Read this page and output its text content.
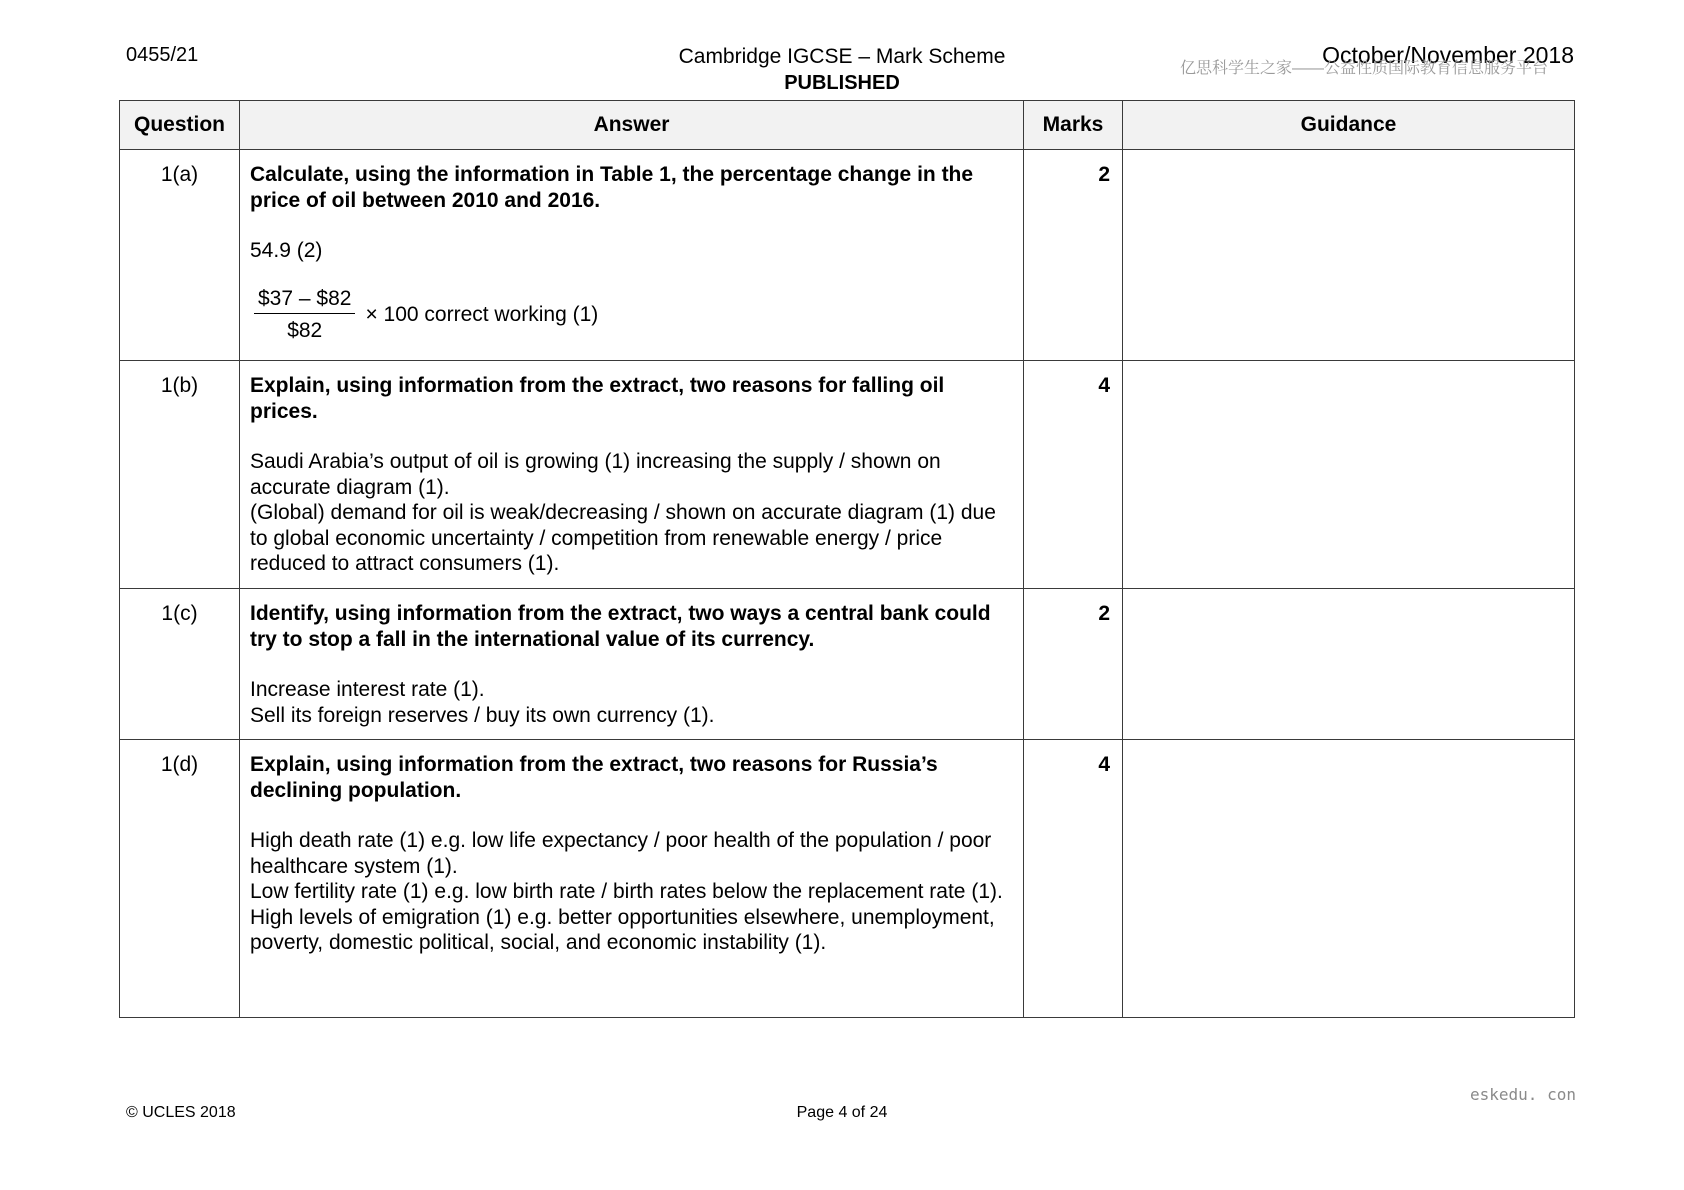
0455/21	Cambridge IGCSE – Mark Scheme
PUBLISHED
October/November 2018
亿思科学生之家——公益性质国际教育信息服务平台
Question	Answer	Marks	Guidance
1(a)	Calculate, using the information in Table 1, the percentage change in the price of oil between 2010 and 2016.
54.9 (2)
$\frac{\$37 - \$82}{\$82} \times 100$ correct working (1)	2	
1(b)	Explain, using information from the extract, two reasons for falling oil prices.
Saudi Arabia’s output of oil is growing (1) increasing the supply / shown on accurate diagram (1).
(Global) demand for oil is weak/decreasing / shown on accurate diagram (1) due to global economic uncertainty / competition from renewable energy / price reduced to attract consumers (1).	4	
1(c)	Identify, using information from the extract, two ways a central bank could try to stop a fall in the international value of its currency.
Increase interest rate (1).
Sell its foreign reserves / buy its own currency (1).	2	
1(d)	Explain, using information from the extract, two reasons for Russia’s declining population.
High death rate (1) e.g. low life expectancy / poor health of the population / poor healthcare system (1).
Low fertility rate (1) e.g. low birth rate / birth rates below the replacement rate (1).
High levels of emigration (1) e.g. better opportunities elsewhere, unemployment, poverty, domestic political, social, and economic instability (1).	4	
eskedu. con
© UCLES 2018	Page 4 of 24
